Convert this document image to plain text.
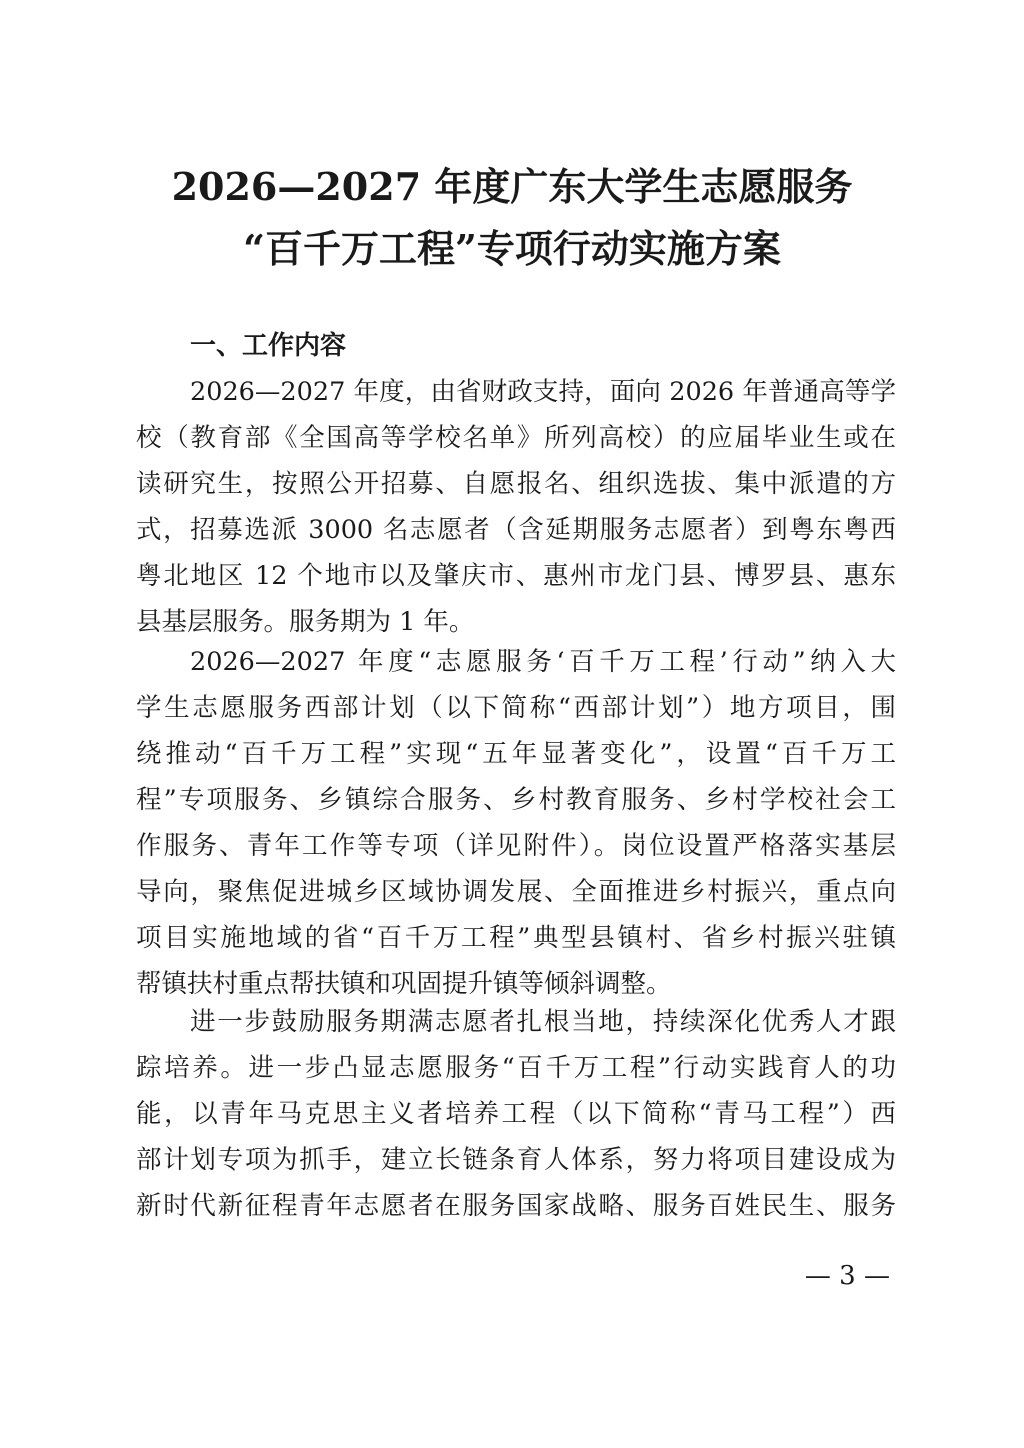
2026—2027 年度广东大学生志愿服务
“百千万工程”专项行动实施方案
一、工作内容
2026—2027 年度，由省财政支持，面向 2026 年普通高等学
校（教育部《全国高等学校名单》所列高校）的应届毕业生或在
读研究生，按照公开招募、自愿报名、组织选拔、集中派遣的方
式，招募选派 3000 名志愿者（含延期服务志愿者）到粤东粤西
粤北地区 12 个地市以及肇庆市、惠州市龙门县、博罗县、惠东
县基层服务。服务期为 1 年。
2026—2027 年度“志愿服务‘百千万工程’行动”纳入大
学生志愿服务西部计划（以下简称“西部计划”）地方项目，围
绕推动“百千万工程”实现“五年显著变化”，设置“百千万工
程”专项服务、乡镇综合服务、乡村教育服务、乡村学校社会工
作服务、青年工作等专项（详见附件）。岗位设置严格落实基层
导向，聚焦促进城乡区域协调发展、全面推进乡村振兴，重点向
项目实施地域的省“百千万工程”典型县镇村、省乡村振兴驻镇
帮镇扶村重点帮扶镇和巩固提升镇等倾斜调整。
进一步鼓励服务期满志愿者扎根当地，持续深化优秀人才跟
踪培养。进一步凸显志愿服务“百千万工程”行动实践育人的功
能，以青年马克思主义者培养工程（以下简称“青马工程”）西
部计划专项为抓手，建立长链条育人体系，努力将项目建设成为
新时代新征程青年志愿者在服务国家战略、服务百姓民生、服务
— 3 —
